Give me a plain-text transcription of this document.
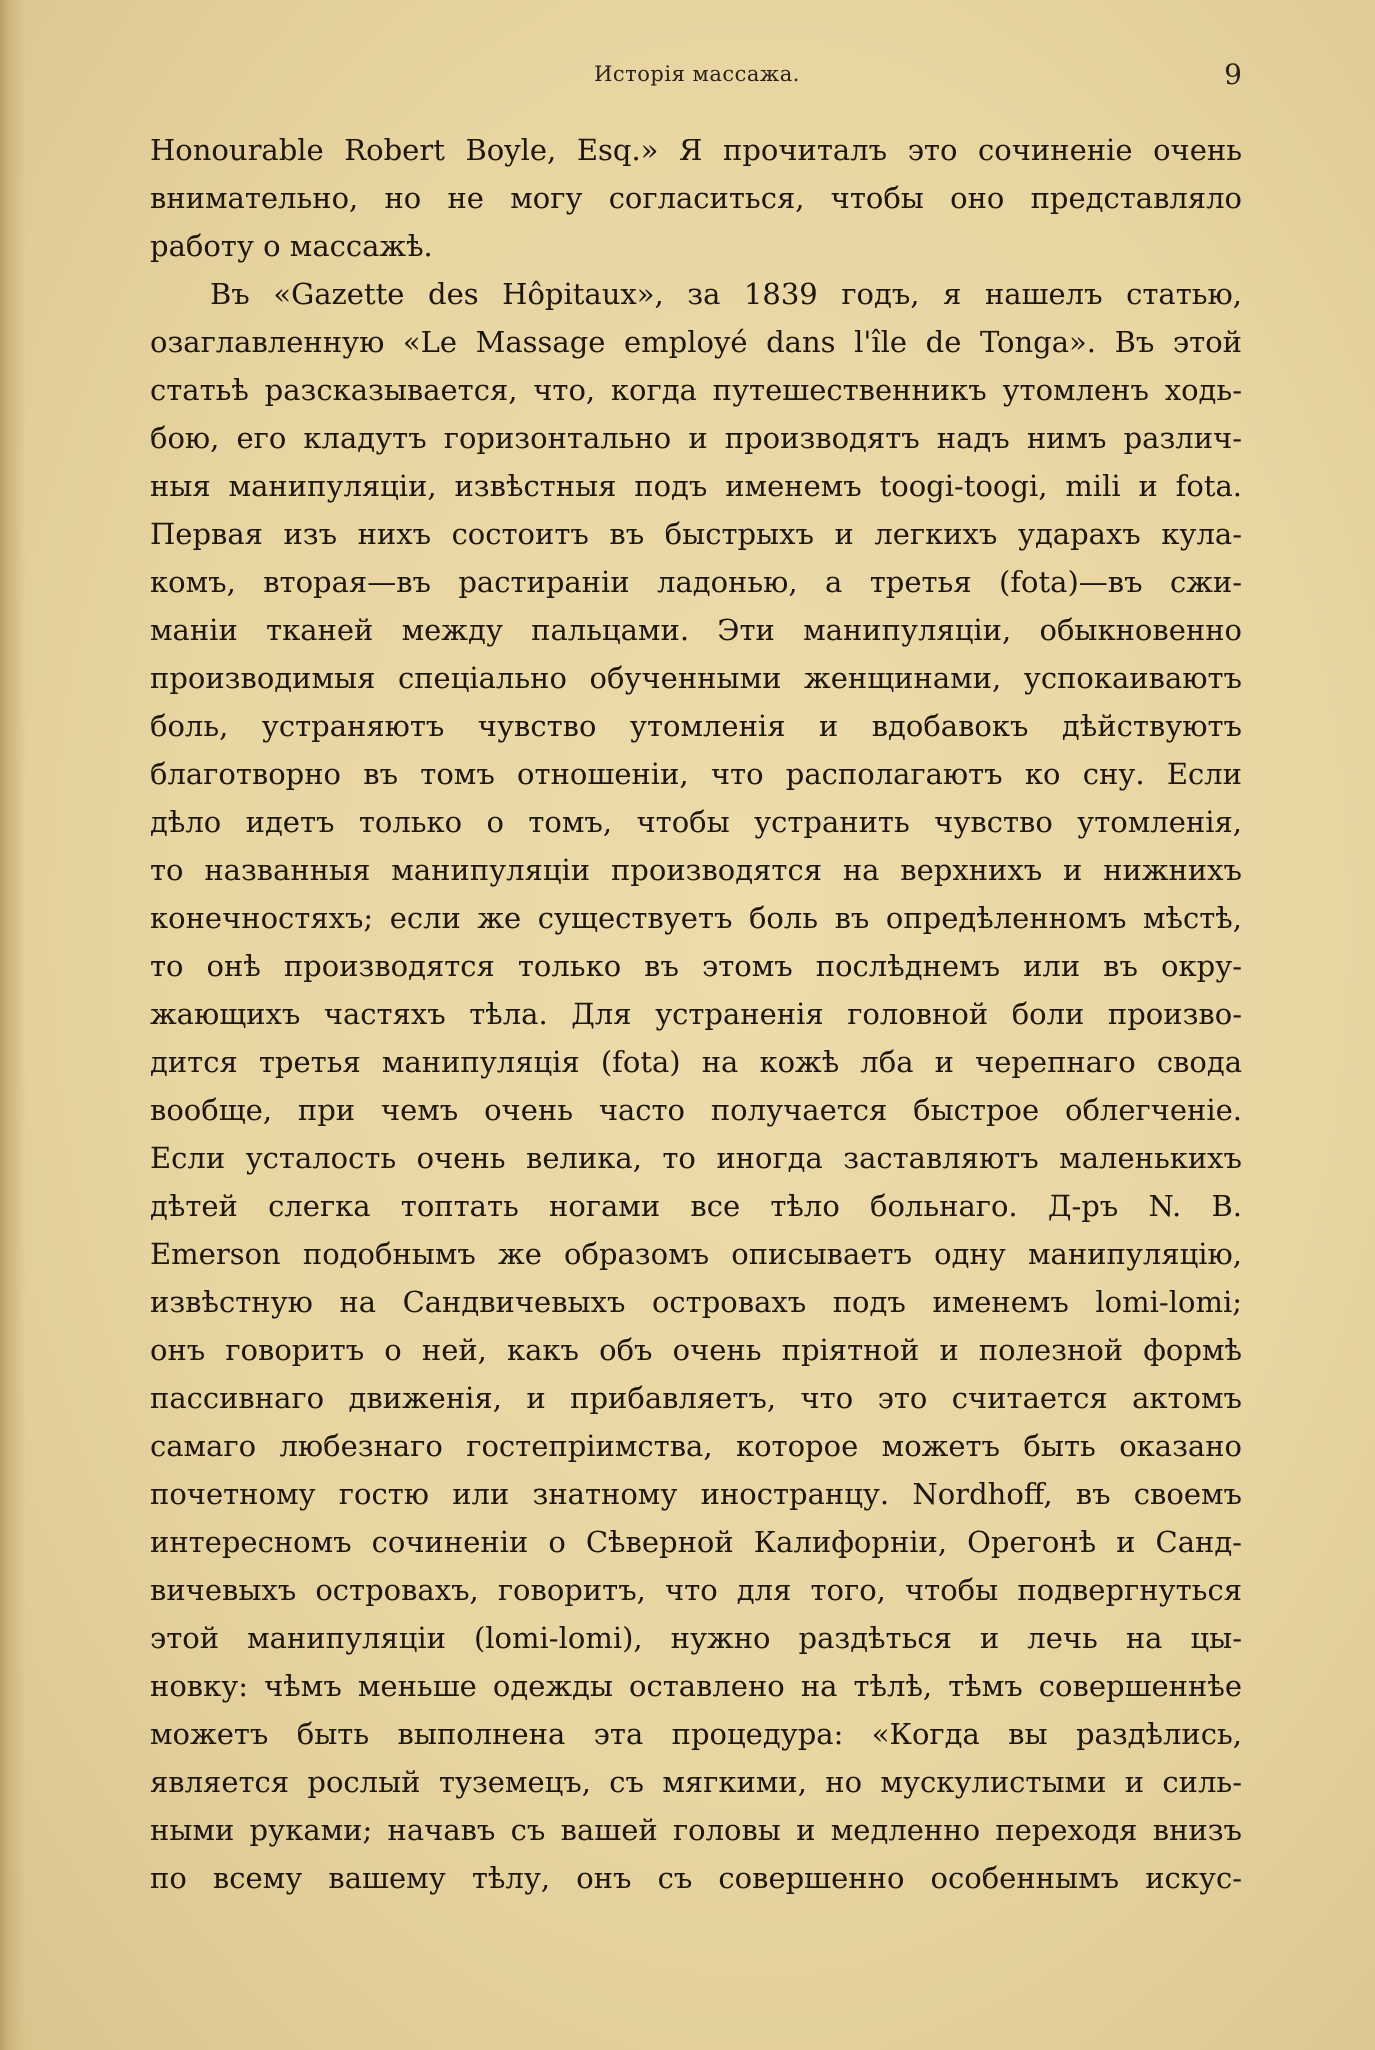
Исторія массажа.	9
Honourable Robert Boyle, Esq.» Я прочиталъ это сочиненіе очень
внимательно, но не могу согласиться, чтобы оно представляло
работу о массажѣ.
Въ «Gazette des Hôpitaux», за 1839 годъ, я нашелъ статью,
озаглавленную «Le Massage employé dans l'île de Tonga». Въ этой
статьѣ разсказывается, что, когда путешественникъ утомленъ ходь-
бою, его кладутъ горизонтально и производятъ надъ нимъ различ-
ныя манипуляціи, извѣстныя подъ именемъ toogi-toogi, mili и fota.
Первая изъ нихъ состоитъ въ быстрыхъ и легкихъ ударахъ кула-
комъ, вторая—въ растираніи ладонью, а третья (fota)—въ сжи-
маніи тканей между пальцами. Эти манипуляціи, обыкновенно
производимыя спеціально обученными женщинами, успокаиваютъ
боль, устраняютъ чувство утомленія и вдобавокъ дѣйствуютъ
благотворно въ томъ отношеніи, что располагаютъ ко сну. Если
дѣло идетъ только о томъ, чтобы устранить чувство утомленія,
то названныя манипуляціи производятся на верхнихъ и нижнихъ
конечностяхъ; если же существуетъ боль въ опредѣленномъ мѣстѣ,
то онѣ производятся только въ этомъ послѣднемъ или въ окру-
жающихъ частяхъ тѣла. Для устраненія головной боли произво-
дится третья манипуляція (fota) на кожѣ лба и черепнаго свода
вообще, при чемъ очень часто получается быстрое облегченіе.
Если усталость очень велика, то иногда заставляютъ маленькихъ
дѣтей слегка топтать ногами все тѣло больнаго. Д-ръ N. B.
Emerson подобнымъ же образомъ описываетъ одну манипуляцію,
извѣстную на Сандвичевыхъ островахъ подъ именемъ lomi-lomi;
онъ говоритъ о ней, какъ объ очень пріятной и полезной формѣ
пассивнаго движенія, и прибавляетъ, что это считается актомъ
самаго любезнаго гостепріимства, которое можетъ быть оказано
почетному гостю или знатному иностранцу. Nordhoff, въ своемъ
интересномъ сочиненіи о Сѣверной Калифорніи, Орегонѣ и Санд-
вичевыхъ островахъ, говоритъ, что для того, чтобы подвергнуться
этой манипуляціи (lomi-lomi), нужно раздѣться и лечь на цы-
новку: чѣмъ меньше одежды оставлено на тѣлѣ, тѣмъ совершеннѣе
можетъ быть выполнена эта процедура: «Когда вы раздѣлись,
является рослый туземецъ, съ мягкими, но мускулистыми и силь-
ными руками; начавъ съ вашей головы и медленно переходя внизъ
по всему вашему тѣлу, онъ съ совершенно особеннымъ искус-
